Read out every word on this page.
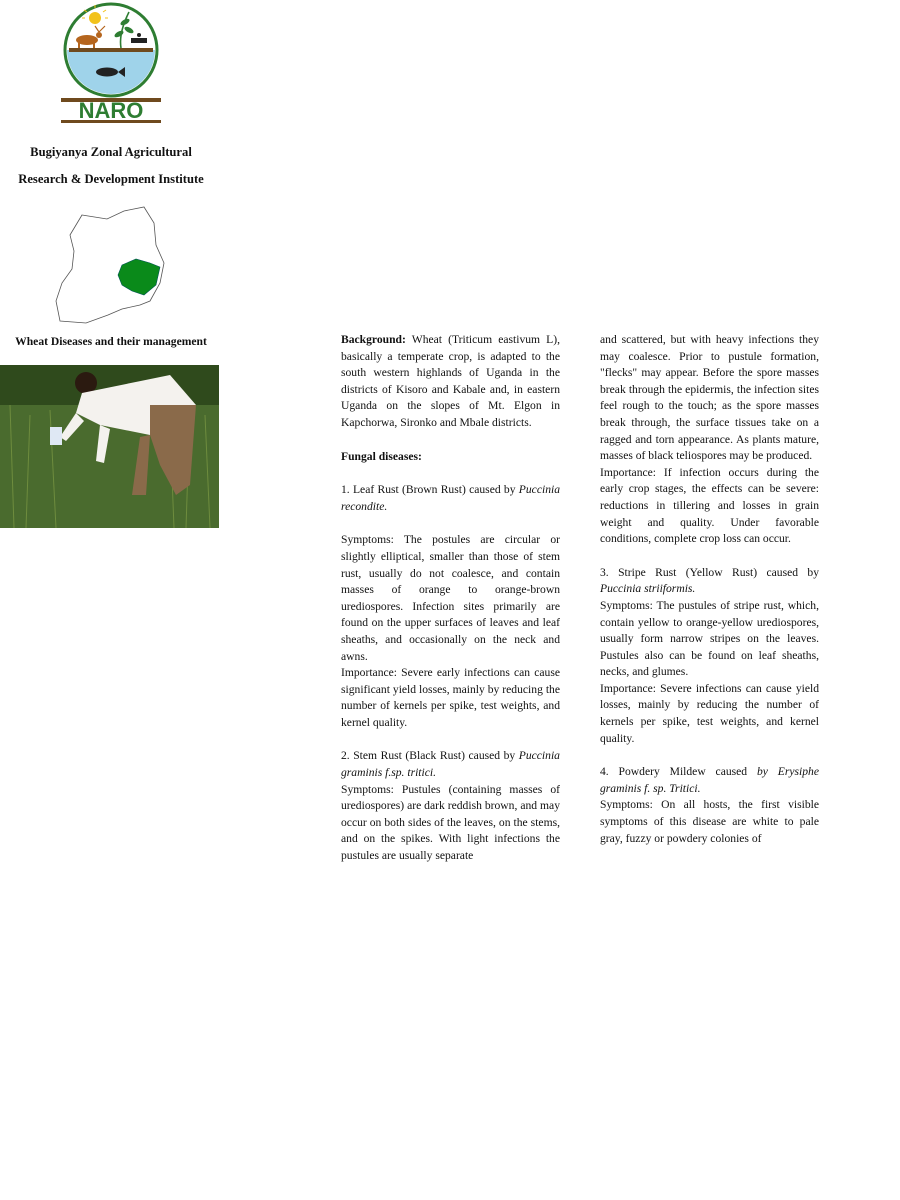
NARO
Bugiyanya Zonal Agricultural
Research & Development Institute
Wheat Diseases and their management	Background: Wheat (Triticum eastivum L), basically a temperate crop, is adapted to the south western highlands of Uganda in the districts of Kisoro and Kabale and, in eastern Uganda on the slopes of Mt. Elgon in Kapchorwa, Sironko and Mbale districts.

Fungal diseases:

1. Leaf Rust (Brown Rust) caused by Puccinia recondite.

Symptoms: The postules are circular or slightly elliptical, smaller than those of stem rust, usually do not coalesce, and contain masses of orange to orange-brown urediospores. Infection sites primarily are found on the upper surfaces of leaves and leaf sheaths, and occasionally on the neck and awns.

Importance: Severe early infections can cause significant yield losses, mainly by reducing the number of kernels per spike, test weights, and kernel quality.

2. Stem Rust (Black Rust) caused by Puccinia graminis f.sp. tritici.

Symptoms: Pustules (containing masses of urediospores) are dark reddish brown, and may occur on both sides of the leaves, on the stems, and on the spikes. With light infections the pustules are usually separate

and scattered, but with heavy infections they may coalesce. Prior to pustule formation, "flecks" may appear. Before the spore masses break through the epidermis, the infection sites feel rough to the touch; as the spore masses break through, the surface tissues take on a ragged and torn appearance. As plants mature, masses of black teliospores may be produced.

Importance: If infection occurs during the early crop stages, the effects can be severe: reductions in tillering and losses in grain weight and quality. Under favorable conditions, complete crop loss can occur.

3. Stripe Rust (Yellow Rust) caused by Puccinia striiformis.

Symptoms: The pustules of stripe rust, which, contain yellow to orange-yellow urediospores, usually form narrow stripes on the leaves. Pustules also can be found on leaf sheaths, necks, and glumes.

Importance: Severe infections can cause yield losses, mainly by reducing the number of kernels per spike, test weights, and kernel quality.

4. Powdery Mildew caused by Erysiphe graminis f. sp. Tritici.

Symptoms: On all hosts, the first visible symptoms of this disease are white to pale gray, fuzzy or powdery colonies of
